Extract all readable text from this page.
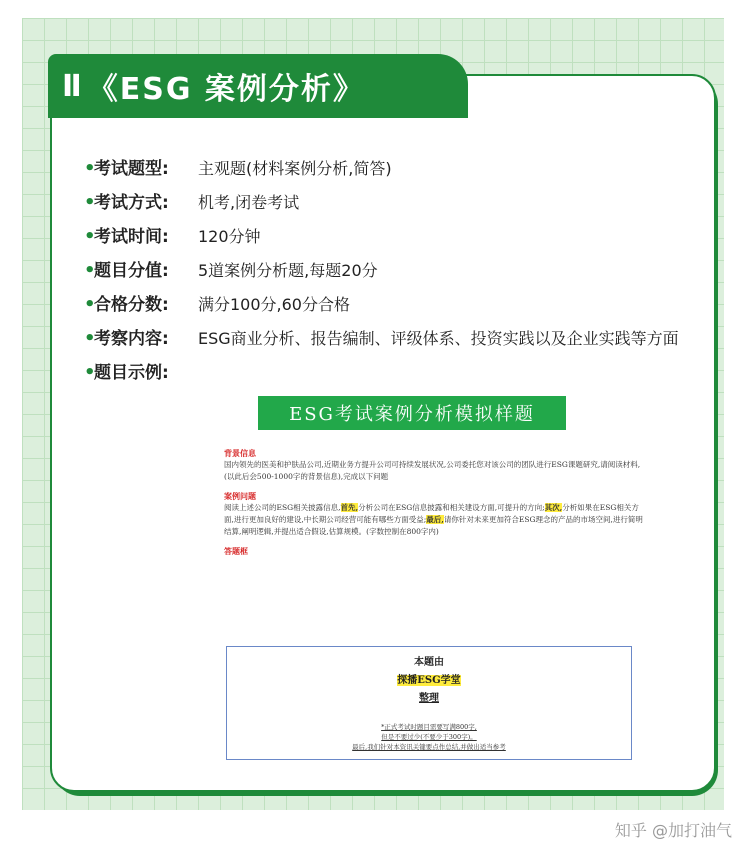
Ⅱ 《ESG 案例分析》
•
考试题型:	主观题(材料案例分析,简答)
•
考试方式:	机考,闭卷考试
•
考试时间:	120分钟
•
题目分值:	5道案例分析题,每题20分
•
合格分数:	满分100分,60分合格
•
考察内容:	ESG商业分析、报告编制、评级体系、投资实践以及企业实践等方面
•
题目示例:
ESG考试案例分析模拟样题
背景信息
国内领先的医美和护肤品公司,近期业务方提升公司可持续发展状况,公司委托您对该公司的团队进行ESG课题研究,请阅读材料,(以此后会500-1000字的背景信息),完成以下问题
案例问题
阅读上述公司的ESG相关披露信息,首先,分析公司在ESG信息披露和相关建设方面,可提升的方向;其次,分析如果在ESG相关方面,进行更加良好的建设,中长期公司经营可能有哪些方面受益;最后,请你针对未来更加符合ESG理念的产品的市场空间,进行简明结算,阐明逻辑,并提出适合假设,估算规模。(字数控制在800字内)
答题框
本题由
探播ESG学堂
整理
*正式考试时题目需要写满800字,
但是不要过少(不要少于300字)。
最后,我们针对本资讯关键要点作总结,并做出适当参考
知乎 @加打油气
